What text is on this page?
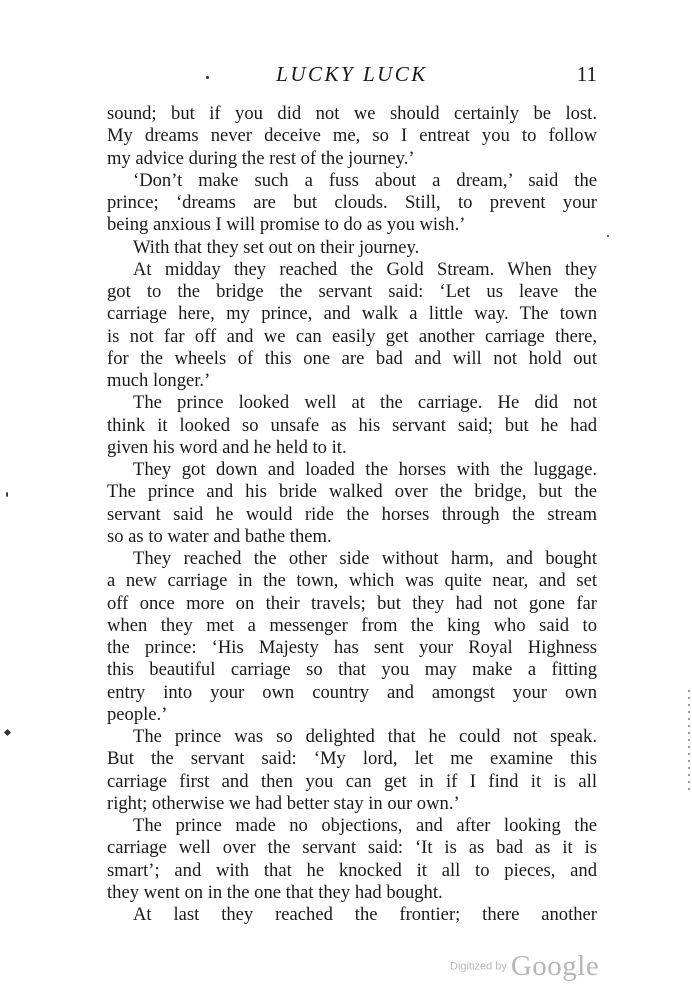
LUCKY LUCK	11
sound; but if you did not we should certainly be lost.
My dreams never deceive me, so I entreat you to follow
my advice during the rest of the journey.’
‘Don’t make such a fuss about a dream,’ said the
prince; ‘dreams are but clouds. Still, to prevent your
being anxious I will promise to do as you wish.’
With that they set out on their journey.
At midday they reached the Gold Stream. When they
got to the bridge the servant said: ‘Let us leave the
carriage here, my prince, and walk a little way. The town
is not far off and we can easily get another carriage there,
for the wheels of this one are bad and will not hold out
much longer.’
The prince looked well at the carriage. He did not
think it looked so unsafe as his servant said; but he had
given his word and he held to it.
They got down and loaded the horses with the luggage.
The prince and his bride walked over the bridge, but the
servant said he would ride the horses through the stream
so as to water and bathe them.
They reached the other side without harm, and bought
a new carriage in the town, which was quite near, and set
off once more on their travels; but they had not gone far
when they met a messenger from the king who said to
the prince: ‘His Majesty has sent your Royal Highness
this beautiful carriage so that you may make a fitting
entry into your own country and amongst your own
people.’
The prince was so delighted that he could not speak.
But the servant said: ‘My lord, let me examine this
carriage first and then you can get in if I find it is all
right; otherwise we had better stay in our own.’
The prince made no objections, and after looking the
carriage well over the servant said: ‘It is as bad as it is
smart’; and with that he knocked it all to pieces, and
they went on in the one that they had bought.
At last they reached the frontier; there another
Digitized by Google
